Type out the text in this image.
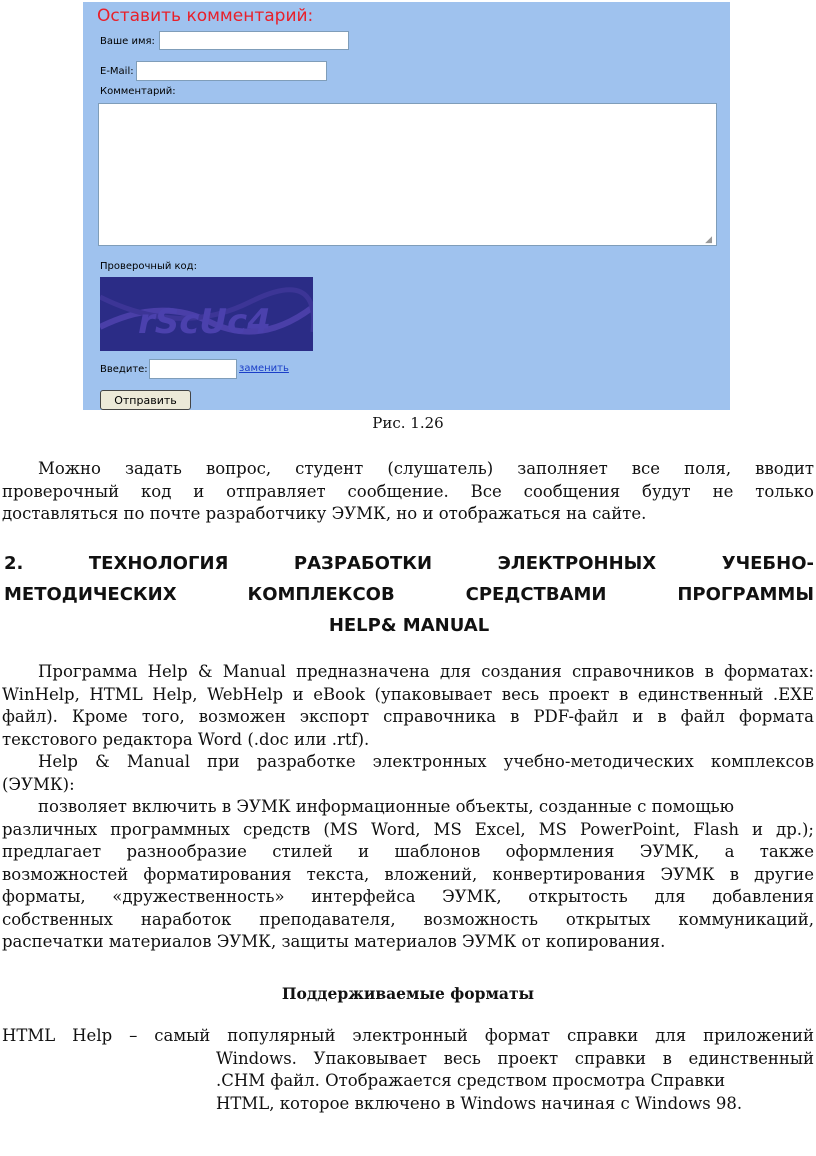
Оставить комментарий:
Ваше имя:
E-Mail:
Комментарий:
◢
Проверочный код:
rScUc4
Введите:	заменить
Отправить
Рис. 1.26
Можно задать вопрос, студент (слушатель) заполняет все поля, вводит
проверочный код и отправляет сообщение. Все сообщения будут не только
доставляться по почте разработчику ЭУМК, но и отображаться на сайте.
2. ТЕХНОЛОГИЯ РАЗРАБОТКИ ЭЛЕКТРОННЫХ УЧЕБНО-
МЕТОДИЧЕСКИХ КОМПЛЕКСОВ СРЕДСТВАМИ ПРОГРАММЫ
HELP& MANUAL
Программа Help & Manual предназначена для создания справочников в форматах:
WinHelp, HTML Help, WebHelp и eBook (упаковывает весь проект в единственный .EXE
файл). Кроме того, возможен экспорт справочника в PDF-файл и в файл формата
текстового редактора Word (.doc или .rtf).
Help & Manual при разработке электронных учебно-методических комплексов
(ЭУМК):
позволяет включить в ЭУМК информационные объекты, созданные с помощью
различных программных средств (MS Word, MS Excel, MS PowerPoint, Flash и др.);
предлагает разнообразие стилей и шаблонов оформления ЭУМК, а также
возможностей форматирования текста, вложений, конвертирования ЭУМК в другие
форматы, «дружественность» интерфейса ЭУМК, открытость для добавления
собственных наработок преподавателя, возможность открытых коммуникаций,
распечатки материалов ЭУМК, защиты материалов ЭУМК от копирования.
Поддерживаемые форматы
HTML Help – самый популярный электронный формат справки для приложений
Windows. Упаковывает весь проект справки в единственный
.CHM файл. Отображается средством просмотра Справки
HTML, которое включено в Windows начиная с Windows 98.
